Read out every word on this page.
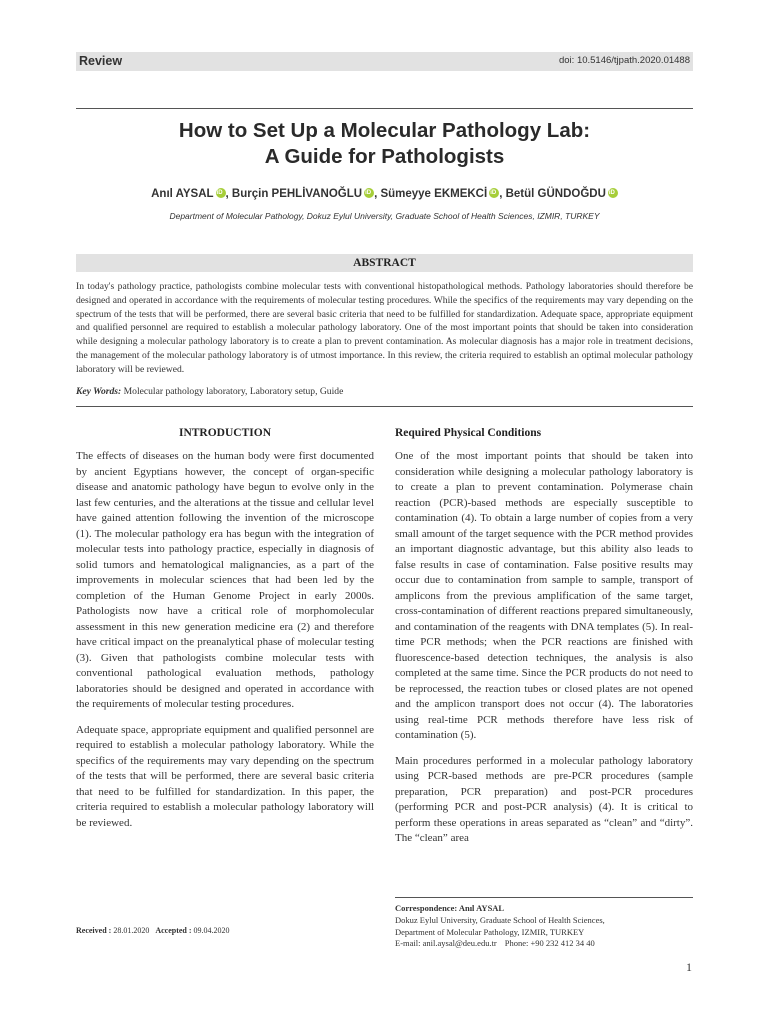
Review	doi: 10.5146/tjpath.2020.01488
How to Set Up a Molecular Pathology Lab:
A Guide for Pathologists
Anıl AYSAL iD , Burçin PEHLİVANOĞLU iD , Sümeyye EKMEKCİ iD , Betül GÜNDOĞDUiD
Department of Molecular Pathology, Dokuz Eylul University, Graduate School of Health Sciences, IZMIR, TURKEY
ABSTRACT

In today's pathology practice, pathologists combine molecular tests with conventional histopathological methods. Pathology laboratories should therefore be designed and operated in accordance with the requirements of molecular testing procedures. While the specifics of the requirements may vary depending on the spectrum of the tests that will be performed, there are several basic criteria that need to be fulfilled for standardization. Adequate space, appropriate equipment and qualified personnel are required to establish a molecular pathology laboratory. One of the most important points that should be taken into consideration while designing a molecular pathology laboratory is to create a plan to prevent contamination. As molecular diagnosis has a major role in treatment decisions, the management of the molecular pathology laboratory is of utmost importance. In this review, the criteria required to establish an optimal molecular pathology laboratory will be reviewed.

Key Words: Molecular pathology laboratory, Laboratory setup, Guide
INTRODUCTION

The effects of diseases on the human body were first documented by ancient Egyptians however, the concept of organ-specific disease and anatomic pathology have begun to evolve only in the last few centuries, and the alterations at the tissue and cellular level have gained attention following the invention of the microscope (1). The molecular pathology era has begun with the integration of molecular tests into pathology practice, especially in diagnosis of solid tumors and hematological malignancies, as a part of the improvements in molecular sciences that had been led by the completion of the Human Genome Project in early 2000s. Pathologists now have a critical role of morphomolecular assessment in this new generation medicine era (2) and therefore have critical impact on the preanalytical phase of molecular testing (3). Given that pathologists combine molecular tests with conventional pathological evaluation methods, pathology laboratories should be designed and operated in accordance with the requirements of molecular testing procedures.

Adequate space, appropriate equipment and qualified personnel are required to establish a molecular pathology laboratory. While the specifics of the requirements may vary depending on the spectrum of the tests that will be performed, there are several basic criteria that need to be fulfilled for standardization. In this paper, the criteria required to establish a molecular pathology laboratory will be reviewed.

Required Physical Conditions

One of the most important points that should be taken into consideration while designing a molecular pathology laboratory is to create a plan to prevent contamination. Polymerase chain reaction (PCR)-based methods are especially susceptible to contamination (4). To obtain a large number of copies from a very small amount of the target sequence with the PCR method provides an important diagnostic advantage, but this ability also leads to false results in case of contamination. False positive results may occur due to contamination from sample to sample, transport of amplicons from the previous amplification of the same target, cross-contamination of different reactions prepared simultaneously, and contamination of the reagents with DNA templates (5). In real-time PCR methods; when the PCR reactions are finished with fluorescence-based detection techniques, the analysis is also completed at the same time. Since the PCR products do not need to be reprocessed, the reaction tubes or closed plates are not opened and the amplicon transport does not occur (4). The laboratories using real-time PCR methods therefore have less risk of contamination (5).

Main procedures performed in a molecular pathology laboratory using PCR-based methods are pre-PCR procedures (sample preparation, PCR preparation) and post-PCR procedures (performing PCR and post-PCR analysis) (4). It is critical to perform these operations in areas separated as “clean” and “dirty”. The “clean” area

Received : 28.01.2020 Accepted : 09.04.2020
Correspondence: Anıl AYSAL
Dokuz Eylul University, Graduate School of Health Sciences,
Department of Molecular Pathology, IZMIR, TURKEY
E-mail: anil.aysal@deu.edu.tr Phone: +90 232 412 34 40
1
